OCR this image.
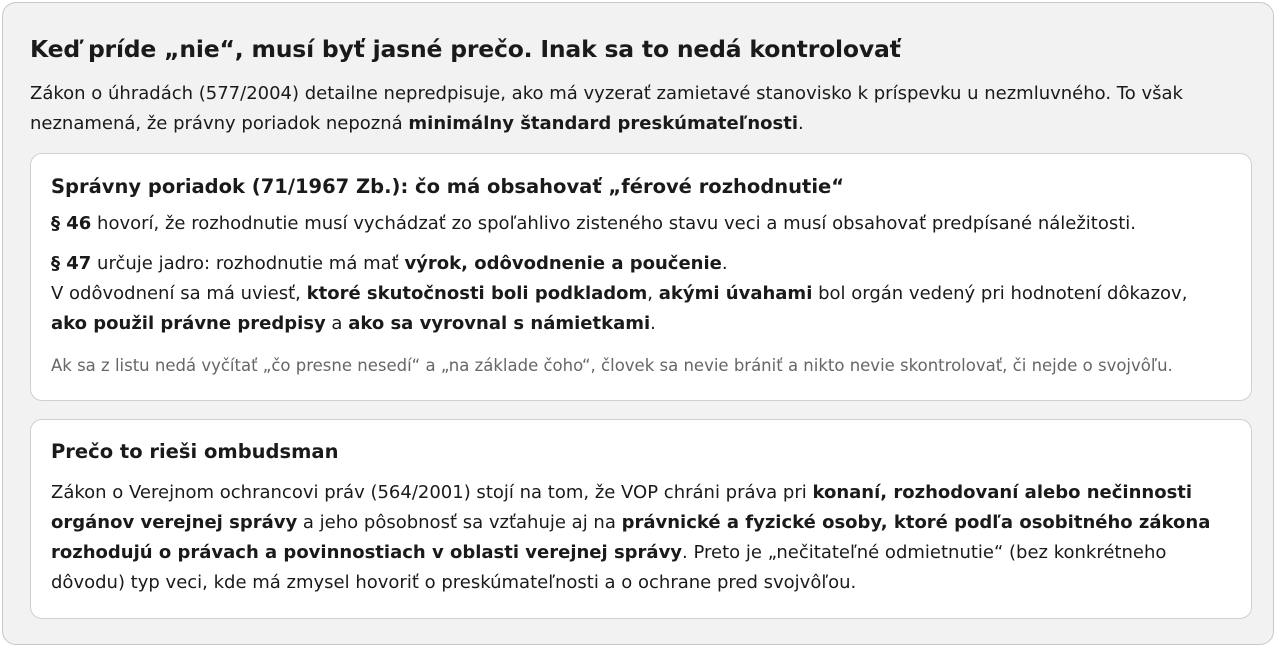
Keď príde „nie“, musí byť jasné prečo. Inak sa to nedá kontrolovať

Zákon o úhradách (577/2004) detailne nepredpisuje, ako má vyzerať zamietavé stanovisko k príspevku u nezmluvného. To však neznamená, že právny poriadok nepozná minimálny štandard preskúmateľnosti.

Správny poriadok (71/1967 Zb.): čo má obsahovať „férové rozhodnutie“

§ 46 hovorí, že rozhodnutie musí vychádzať zo spoľahlivo zisteného stavu veci a musí obsahovať predpísané náležitosti.

§ 47 určuje jadro: rozhodnutie má mať výrok, odôvodnenie a poučenie.
V odôvodnení sa má uviesť, ktoré skutočnosti boli podkladom, akými úvahami bol orgán vedený pri hodnotení dôkazov,
ako použil právne predpisy a ako sa vyrovnal s námietkami.

Ak sa z listu nedá vyčítať „čo presne nesedí“ a „na základe čoho“, človek sa nevie brániť a nikto nevie skontrolovať, či nejde o svojvôľu.

Prečo to rieši ombudsman

Zákon o Verejnom ochrancovi práv (564/2001) stojí na tom, že VOP chráni práva pri konaní, rozhodovaní alebo nečinnosti orgánov verejnej správy a jeho pôsobnosť sa vzťahuje aj na právnické a fyzické osoby, ktoré podľa osobitného zákona rozhodujú o právach a povinnostiach v oblasti verejnej správy. Preto je „nečitateľné odmietnutie“ (bez konkrétneho dôvodu) typ veci, kde má zmysel hovoriť o preskúmateľnosti a o ochrane pred svojvôľou.
